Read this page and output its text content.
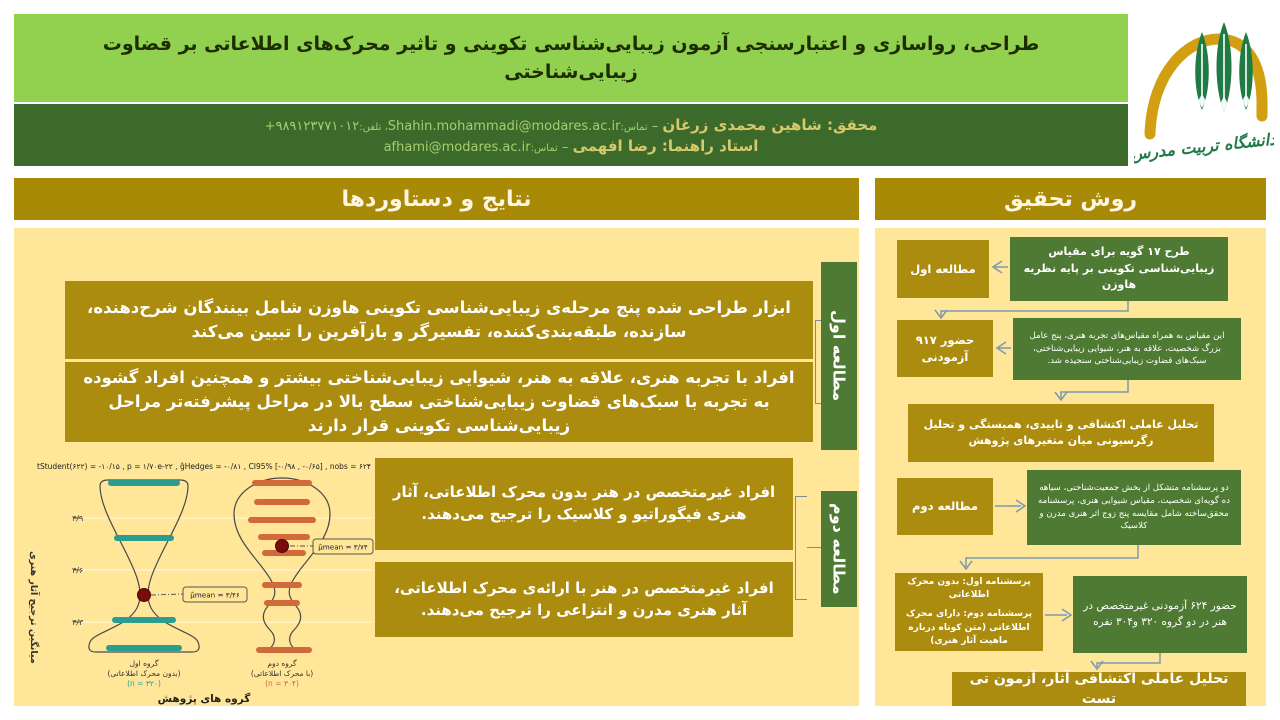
طراحی، رواسازی و اعتبارسنجی آزمون زیبایی‌شناسی تکوینی و تاثیر محرک‌های اطلاعاتی بر قضاوت زیبایی‌شناختی
محقق: شاهین محمدی زرغان – تماس:Shahin.mohammadi@modares.ac.ir، تلفن:+۹۸۹۱۲۳۷۷۱۰۱۲
استاد راهنما: رضا افهمی – تماس:afhami@modares.ac.ir	دانشگاه تربیت مدرس
نتایج و دستاوردها	روش تحقیق
ابزار طراحی شده پنج مرحله‌ی زیبایی‌شناسی تکوینی هاوزن شامل بینندگان شرح‌دهنده، سازنده، طبقه‌بندی‌کننده، تفسیرگر و بازآفرین را تبیین می‌کند
افراد با تجربه هنری، علاقه به هنر، شیوایی زیبایی‌شناختی بیشتر و همچنین افراد گشوده به تجربه با سبک‌های قضاوت زیبایی‌شناختی سطح بالا در مراحل پیشرفته‌تر مراحل زیبایی‌شناسی تکوینی قرار دارند
مطالعه اول
افراد غیرمتخصص در هنر بدون محرک اطلاعاتی، آثار هنری فیگوراتیو و کلاسیک را ترجیح می‌دهند.
افراد غیرمتخصص در هنر با ارائه‌ی محرک اطلاعاتی، آثار هنری مدرن و انتزاعی را ترجیح می‌دهند.
مطالعه دوم
tStudent(۶۲۲) = -۱۰/۱۵ , p = ۱/۷۰e-۲۲ , ĝHedges = -۰/۸۱ , CI95% [-۰/۹۸ , -۰/۶۵] , nobs = ۶۲۴
میانگین ترجیح آثار هنری
۳/۹
۳/۶
۳/۳
μ̂mean = ۳/۴۶
μ̂mean = ۳/۷۴
گروه اول
(بدون محرک اطلاعاتی)
(n = ۳۲۰)
گروه دوم
(با محرک اطلاعاتی)
(n = ۳۰۴)
گروه های پژوهش
مطالعه اول
طرح ۱۷ گویه برای مقیاس زیبایی‌شناسی تکوینی بر پایه نظریه هاوزن
حضور ۹۱۷ آزمودنی
این مقیاس به همراه مقیاس‌های تجربه هنری، پنج عامل بزرگ شخصیت، علاقه به هنر، شیوایی زیبایی‌شناختی، سبک‌های قضاوت زیبایی‌شناختی سنجیده شد.
تحلیل عاملی اکتشافی و تاییدی، همبستگی و تحلیل رگرسیونی میان متغیرهای پژوهش
مطالعه دوم
دو پرسشنامه متشکل از بخش جمعیت‌شناختی، سیاهه ده گویه‌ای شخصیت، مقیاس شیوایی هنری، پرسشنامه محقق‌ساخته شامل مقایسه پنج زوج اثر هنری مدرن و کلاسیک
پرسشنامه اول: بدون محرک اطلاعاتی
پرسشنامه دوم: دارای محرک اطلاعاتی (متن کوتاه درباره ماهیت آثار هنری)
حضور ۶۲۴ آزمودنی غیرمتخصص در هنر در دو گروه ۳۲۰ و۳۰۴ نفره
تحلیل عاملی اکتشافی آثار، آزمون تی تست
